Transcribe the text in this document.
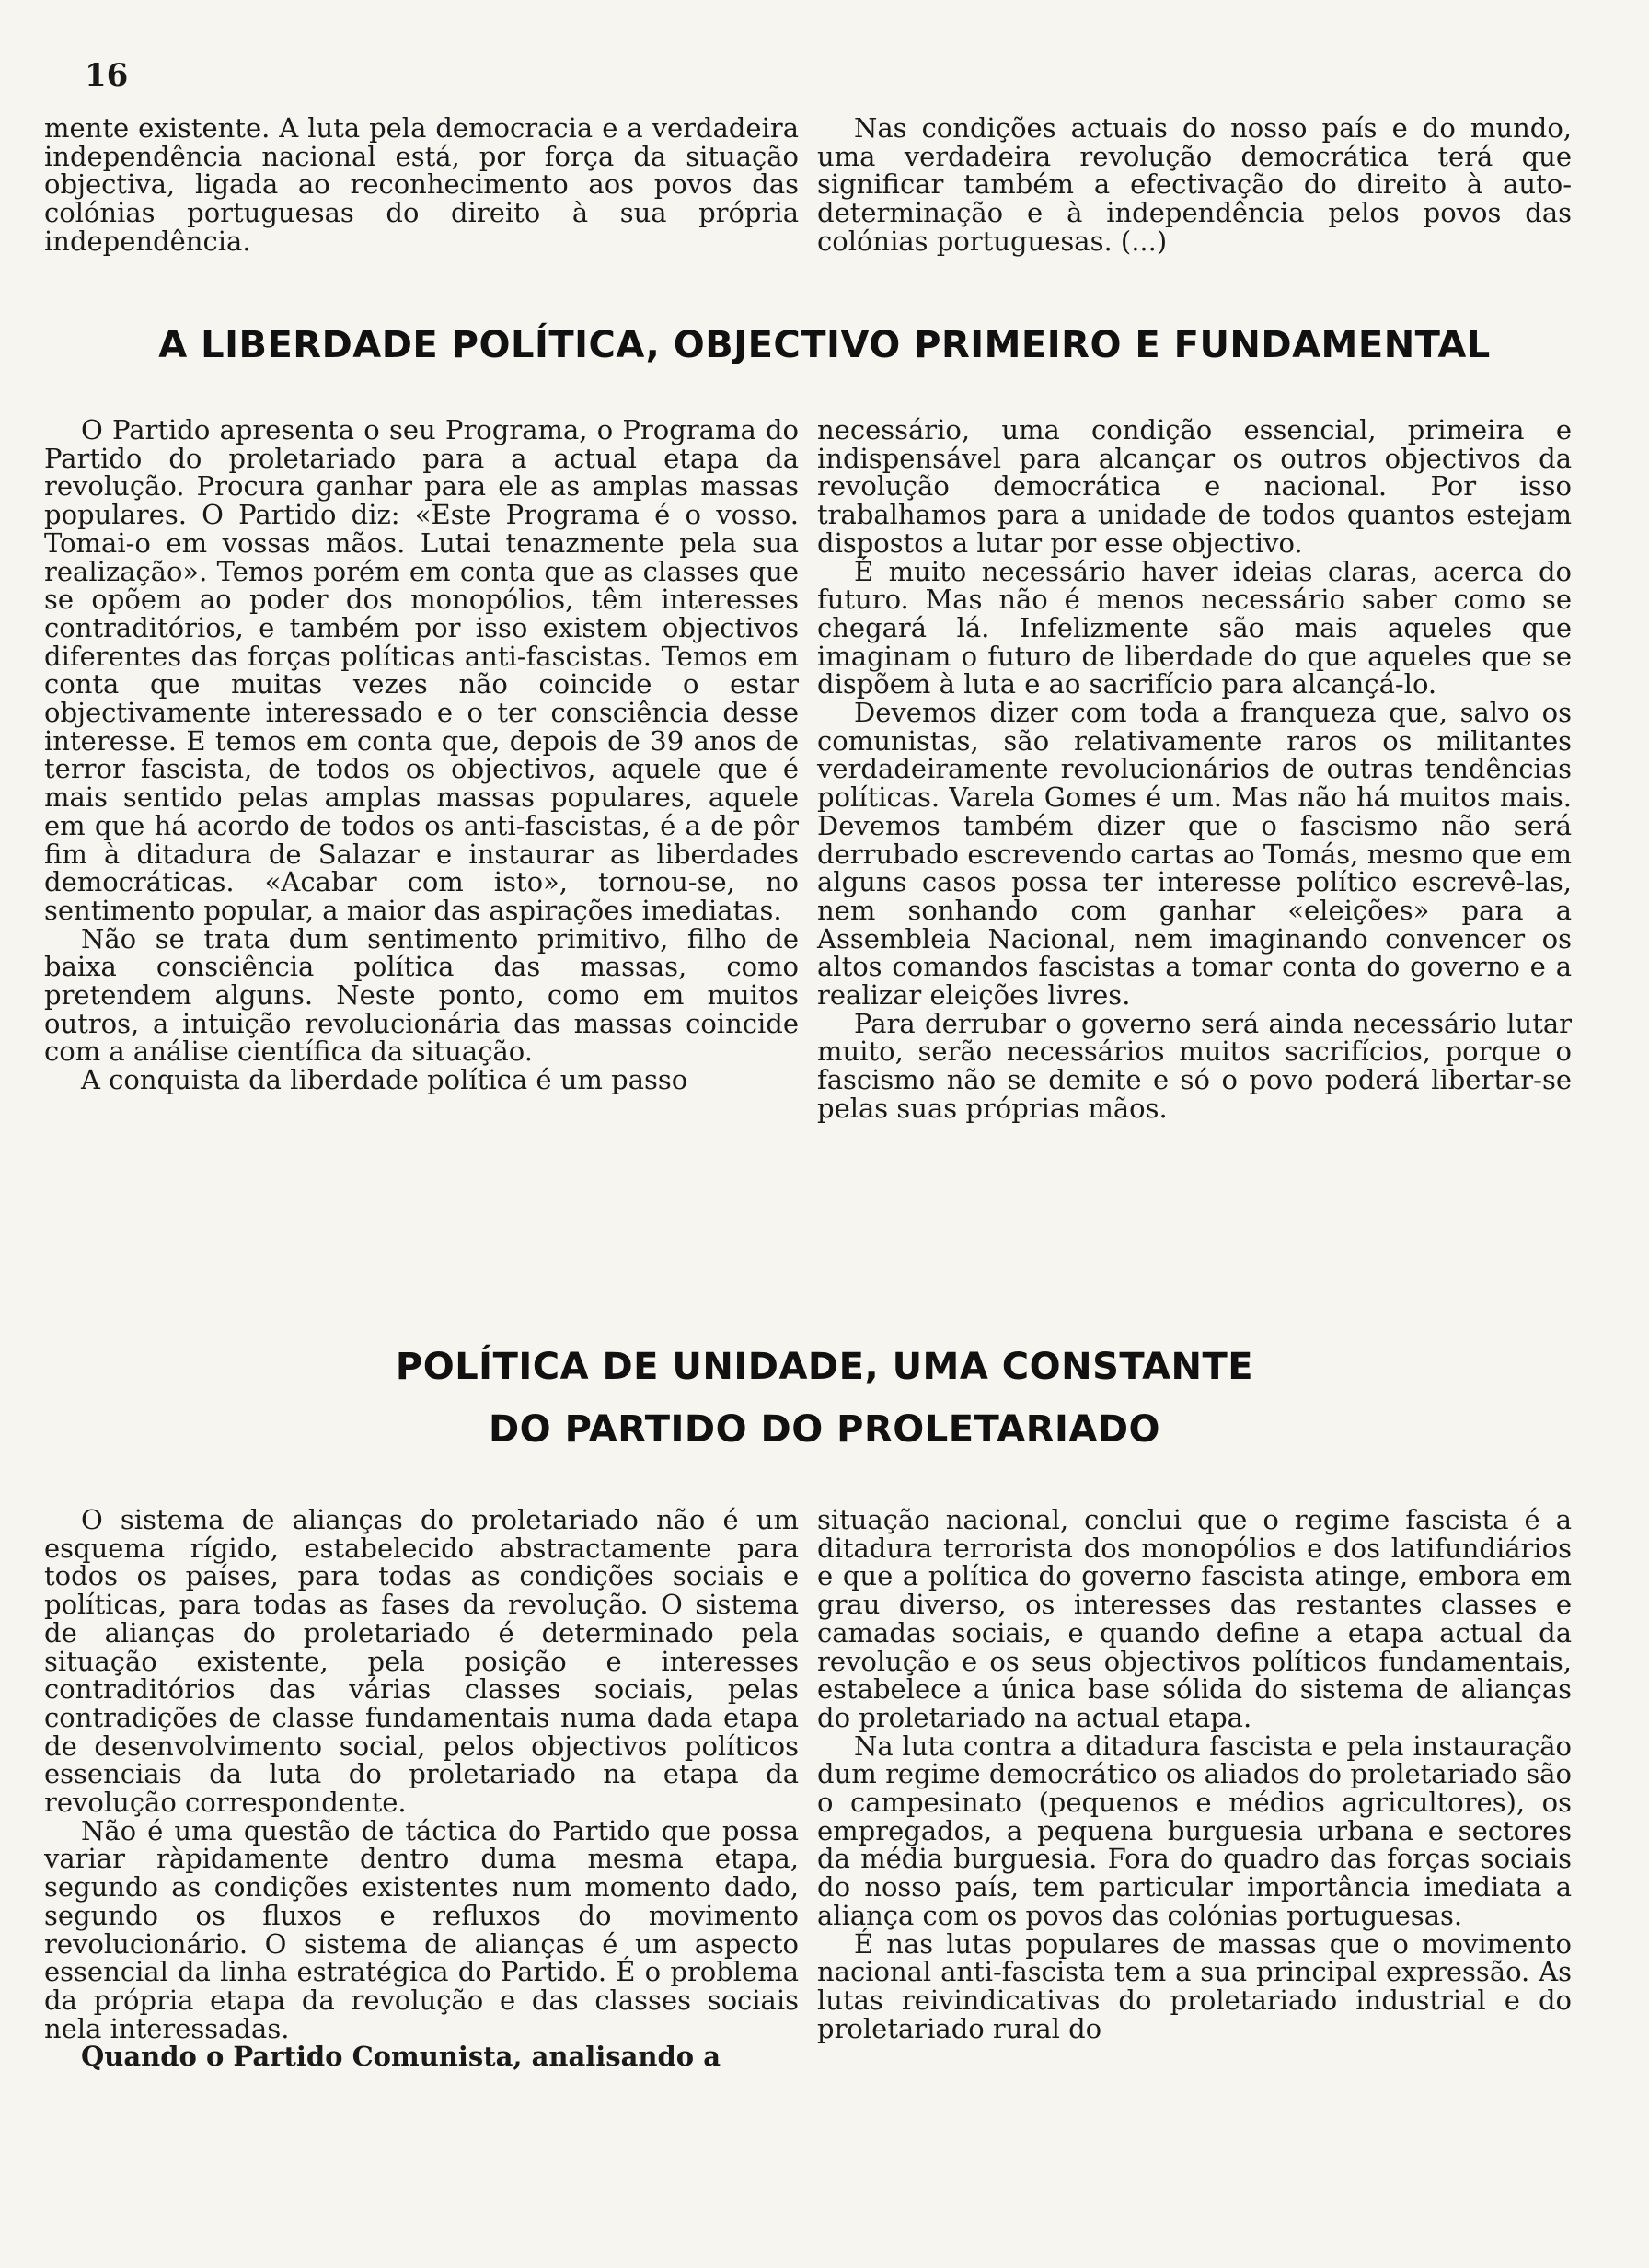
16

mente existente. A luta pela democracia e a verdadeira independência nacional está, por força da situação objectiva, ligada ao reconhecimento aos povos das colónias portuguesas do direito à sua própria independência.

Nas condições actuais do nosso país e do mundo, uma verdadeira revolução democrática terá que significar também a efectivação do direito à auto-determinação e à independência pelos povos das colónias portuguesas. (...)

A LIBERDADE POLÍTICA, OBJECTIVO PRIMEIRO E FUNDAMENTAL

O Partido apresenta o seu Programa, o Programa do Partido do proletariado para a actual etapa da revolução. Procura ganhar para ele as amplas massas populares. O Partido diz: «Este Programa é o vosso. Tomai-o em vossas mãos. Lutai tenazmente pela sua realização». Temos porém em conta que as classes que se opõem ao poder dos monopólios, têm interesses contraditórios, e também por isso existem objectivos diferentes das forças políticas anti-fascistas. Temos em conta que muitas vezes não coincide o estar objectivamente interessado e o ter consciência desse interesse. E temos em conta que, depois de 39 anos de terror fascista, de todos os objectivos, aquele que é mais sentido pelas amplas massas populares, aquele em que há acordo de todos os anti-fascistas, é a de pôr fim à ditadura de Salazar e instaurar as liberdades democráticas. «Acabar com isto», tornou-se, no sentimento popular, a maior das aspirações imediatas.

Não se trata dum sentimento primitivo, filho de baixa consciência política das massas, como pretendem alguns. Neste ponto, como em muitos outros, a intuição revolucionária das massas coincide com a análise científica da situação.

A conquista da liberdade política é um passo

necessário, uma condição essencial, primeira e indispensável para alcançar os outros objectivos da revolução democrática e nacional. Por isso trabalhamos para a unidade de todos quantos estejam dispostos a lutar por esse objectivo.

É muito necessário haver ideias claras, acerca do futuro. Mas não é menos necessário saber como se chegará lá. Infelizmente são mais aqueles que imaginam o futuro de liberdade do que aqueles que se dispõem à luta e ao sacrifício para alcançá-lo.

Devemos dizer com toda a franqueza que, salvo os comunistas, são relativamente raros os militantes verdadeiramente revolucionários de outras tendências políticas. Varela Gomes é um. Mas não há muitos mais. Devemos também dizer que o fascismo não será derrubado escrevendo cartas ao Tomás, mesmo que em alguns casos possa ter interesse político escrevê-las, nem sonhando com ganhar «eleições» para a Assembleia Nacional, nem imaginando convencer os altos comandos fascistas a tomar conta do governo e a realizar eleições livres.

Para derrubar o governo será ainda necessário lutar muito, serão necessários muitos sacrifícios, porque o fascismo não se demite e só o povo poderá libertar-se pelas suas próprias mãos.

POLÍTICA DE UNIDADE, UMA CONSTANTE
DO PARTIDO DO PROLETARIADO

O sistema de alianças do proletariado não é um esquema rígido, estabelecido abstractamente para todos os países, para todas as condições sociais e políticas, para todas as fases da revolução. O sistema de alianças do proletariado é determinado pela situação existente, pela posição e interesses contraditórios das várias classes sociais, pelas contradições de classe fundamentais numa dada etapa de desenvolvimento social, pelos objectivos políticos essenciais da luta do proletariado na etapa da revolução correspondente.

Não é uma questão de táctica do Partido que possa variar ràpidamente dentro duma mesma etapa, segundo as condições existentes num momento dado, segundo os fluxos e refluxos do movimento revolucionário. O sistema de alianças é um aspecto essencial da linha estratégica do Partido. É o problema da própria etapa da revolução e das classes sociais nela interessadas.

Quando o Partido Comunista, analisando a

situação nacional, conclui que o regime fascista é a ditadura terrorista dos monopólios e dos latifundiários e que a política do governo fascista atinge, embora em grau diverso, os interesses das restantes classes e camadas sociais, e quando define a etapa actual da revolução e os seus objectivos políticos fundamentais, estabelece a única base sólida do sistema de alianças do proletariado na actual etapa.

Na luta contra a ditadura fascista e pela instauração dum regime democrático os aliados do proletariado são o campesinato (pequenos e médios agricultores), os empregados, a pequena burguesia urbana e sectores da média burguesia. Fora do quadro das forças sociais do nosso país, tem particular importância imediata a aliança com os povos das colónias portuguesas.

É nas lutas populares de massas que o movimento nacional anti-fascista tem a sua principal expressão. As lutas reivindicativas do proletariado industrial e do proletariado rural do
